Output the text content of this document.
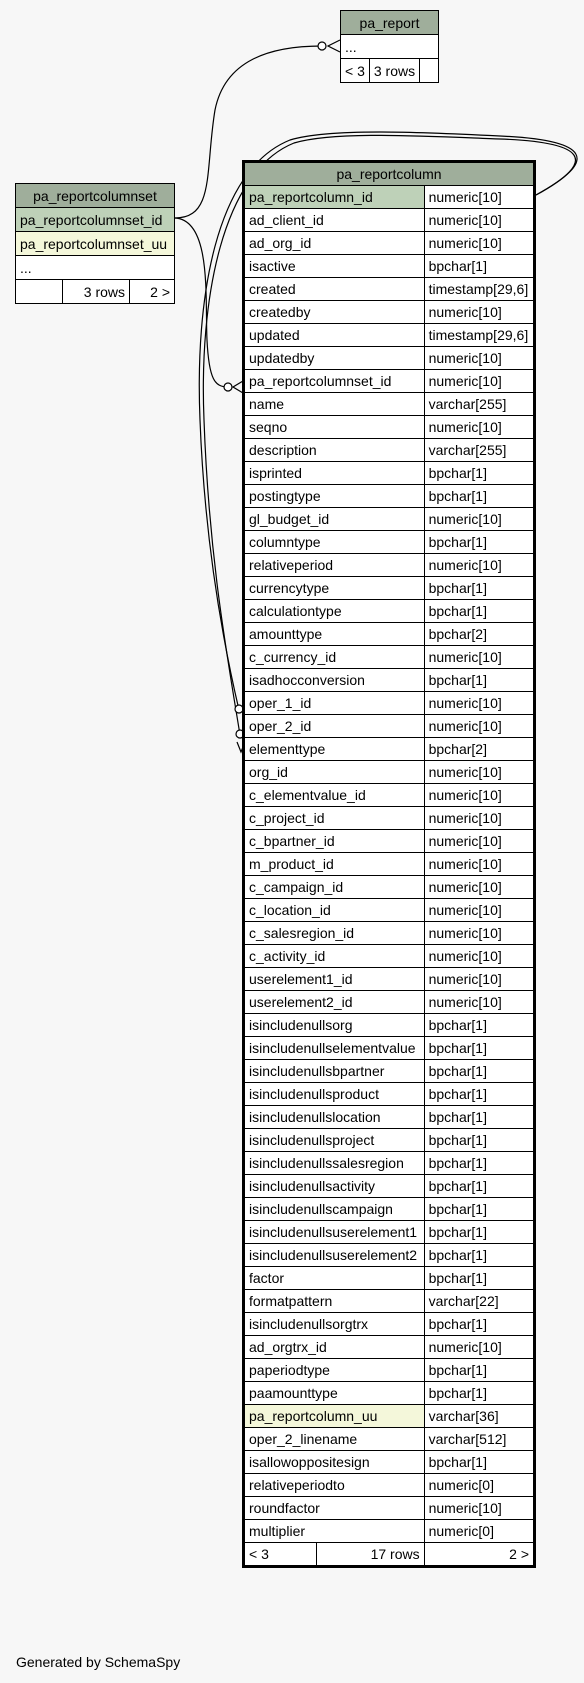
pa_report
...
< 3	3 rows	
pa_reportcolumnset
pa_reportcolumnset_id
pa_reportcolumnset_uu
...
	3 rows	2 >
pa_reportcolumn		
pa_reportcolumn_id		numeric[10]
ad_client_id		numeric[10]
ad_org_id		numeric[10]
isactive		bpchar[1]
created		timestamp[29,6]
createdby		numeric[10]
updated		timestamp[29,6]
updatedby		numeric[10]
pa_reportcolumnset_id		numeric[10]
name		varchar[255]
seqno		numeric[10]
description		varchar[255]
isprinted		bpchar[1]
postingtype		bpchar[1]
gl_budget_id		numeric[10]
columntype		bpchar[1]
relativeperiod		numeric[10]
currencytype		bpchar[1]
calculationtype		bpchar[1]
amounttype		bpchar[2]
c_currency_id		numeric[10]
isadhocconversion		bpchar[1]
oper_1_id		numeric[10]
oper_2_id		numeric[10]
elementtype		bpchar[2]
org_id		numeric[10]
c_elementvalue_id		numeric[10]
c_project_id		numeric[10]
c_bpartner_id		numeric[10]
m_product_id		numeric[10]
c_campaign_id		numeric[10]
c_location_id		numeric[10]
c_salesregion_id		numeric[10]
c_activity_id		numeric[10]
userelement1_id		numeric[10]
userelement2_id		numeric[10]
isincludenullsorg		bpchar[1]
isincludenullselementvalue		bpchar[1]
isincludenullsbpartner		bpchar[1]
isincludenullsproduct		bpchar[1]
isincludenullslocation		bpchar[1]
isincludenullsproject		bpchar[1]
isincludenullssalesregion		bpchar[1]
isincludenullsactivity		bpchar[1]
isincludenullscampaign		bpchar[1]
isincludenullsuserelement1		bpchar[1]
isincludenullsuserelement2		bpchar[1]
factor		bpchar[1]
formatpattern		varchar[22]
isincludenullsorgtrx		bpchar[1]
ad_orgtrx_id		numeric[10]
paperiodtype		bpchar[1]
paamounttype		bpchar[1]
pa_reportcolumn_uu		varchar[36]
oper_2_linename		varchar[512]
isallowoppositesign		bpchar[1]
relativeperiodto		numeric[0]
roundfactor		numeric[10]
multiplier		numeric[0]
< 3	17 rows	2 >
Generated by SchemaSpy
